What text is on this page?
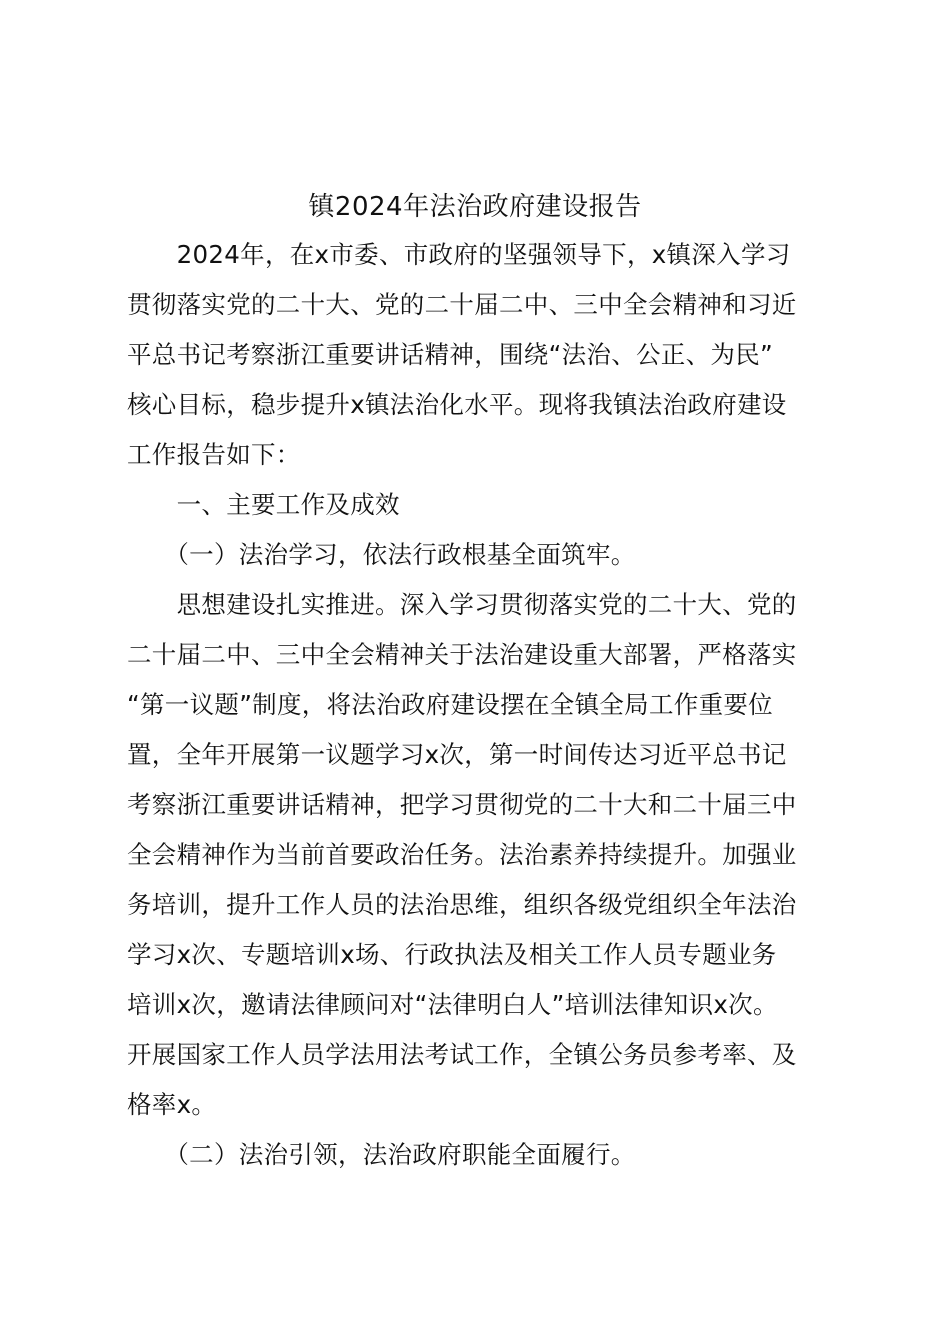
镇2024年法治政府建设报告
　　2024年，在x市委、市政府的坚强领导下，x镇深入学习
贯彻落实党的二十大、党的二十届二中、三中全会精神和习近
平总书记考察浙江重要讲话精神，围绕“法治、公正、为民”
核心目标，稳步提升x镇法治化水平。现将我镇法治政府建设
工作报告如下：
　　一、主要工作及成效
　　（一）法治学习，依法行政根基全面筑牢。
　　思想建设扎实推进。深入学习贯彻落实党的二十大、党的
二十届二中、三中全会精神关于法治建设重大部署，严格落实
“第一议题”制度，将法治政府建设摆在全镇全局工作重要位
置，全年开展第一议题学习x次，第一时间传达习近平总书记
考察浙江重要讲话精神，把学习贯彻党的二十大和二十届三中
全会精神作为当前首要政治任务。法治素养持续提升。加强业
务培训，提升工作人员的法治思维，组织各级党组织全年法治
学习x次、专题培训x场、行政执法及相关工作人员专题业务
培训x次，邀请法律顾问对“法律明白人”培训法律知识x次。
开展国家工作人员学法用法考试工作，全镇公务员参考率、及
格率x。
　　（二）法治引领，法治政府职能全面履行。
